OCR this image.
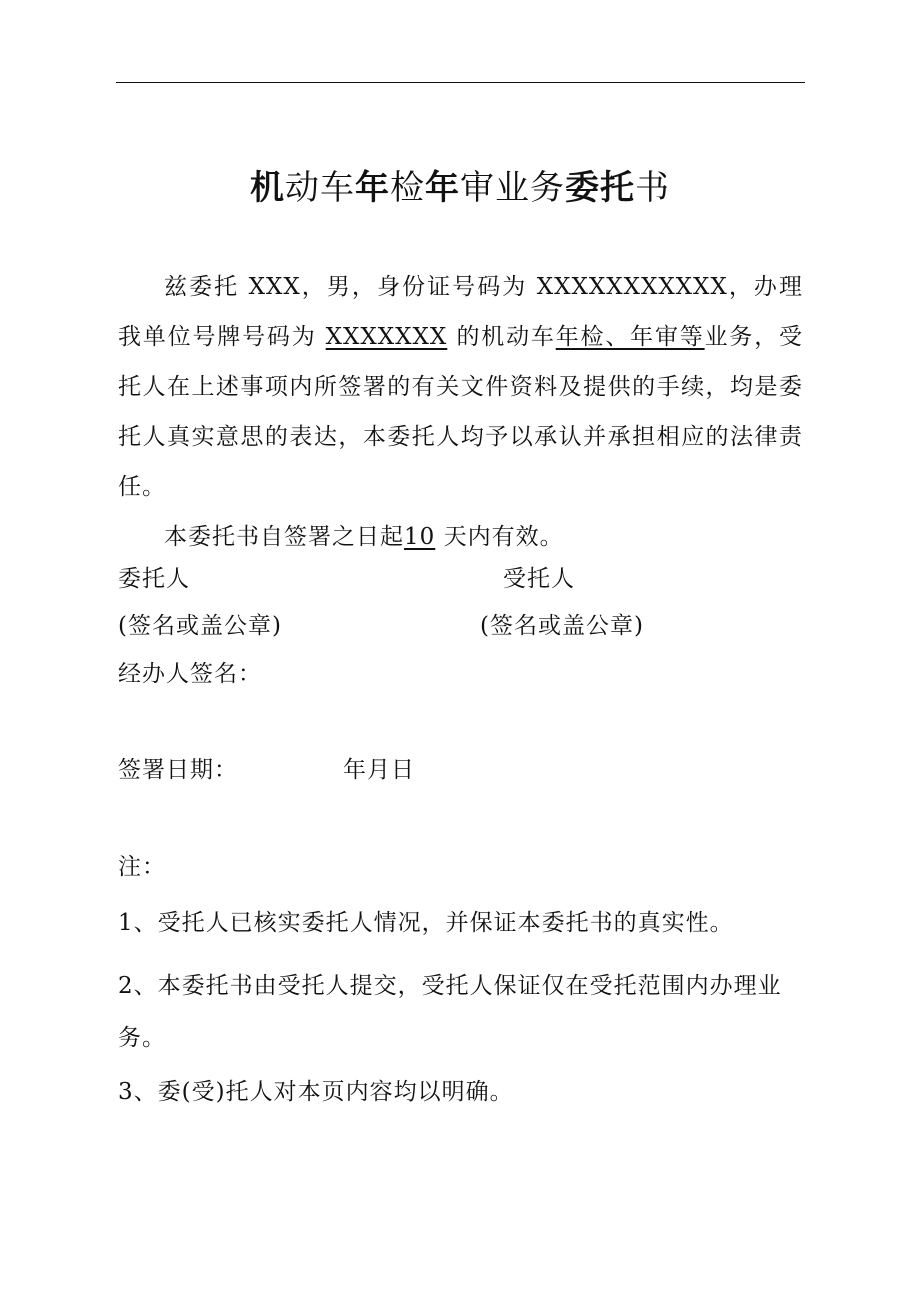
机动车年检年审业务委托书

兹委托 XXX，男，身份证号码为 XXXXXXXXXXX，办理我单位号牌号码为 XXXXXXX 的机动车年检、年审等业务，受托人在上述事项内所签署的有关文件资料及提供的手续，均是委托人真实意思的表达，本委托人均予以承认并承担相应的法律责任。

本委托书自签署之日起10 天内有效。

委托人	受托人
(签名或盖公章)	(签名或盖公章)
经办人签名：
签署日期：	年月日
注：
1、受托人已核实委托人情况，并保证本委托书的真实性。
2、本委托书由受托人提交，受托人保证仅在受托范围内办理业务。
3、委(受)托人对本页内容均以明确。
